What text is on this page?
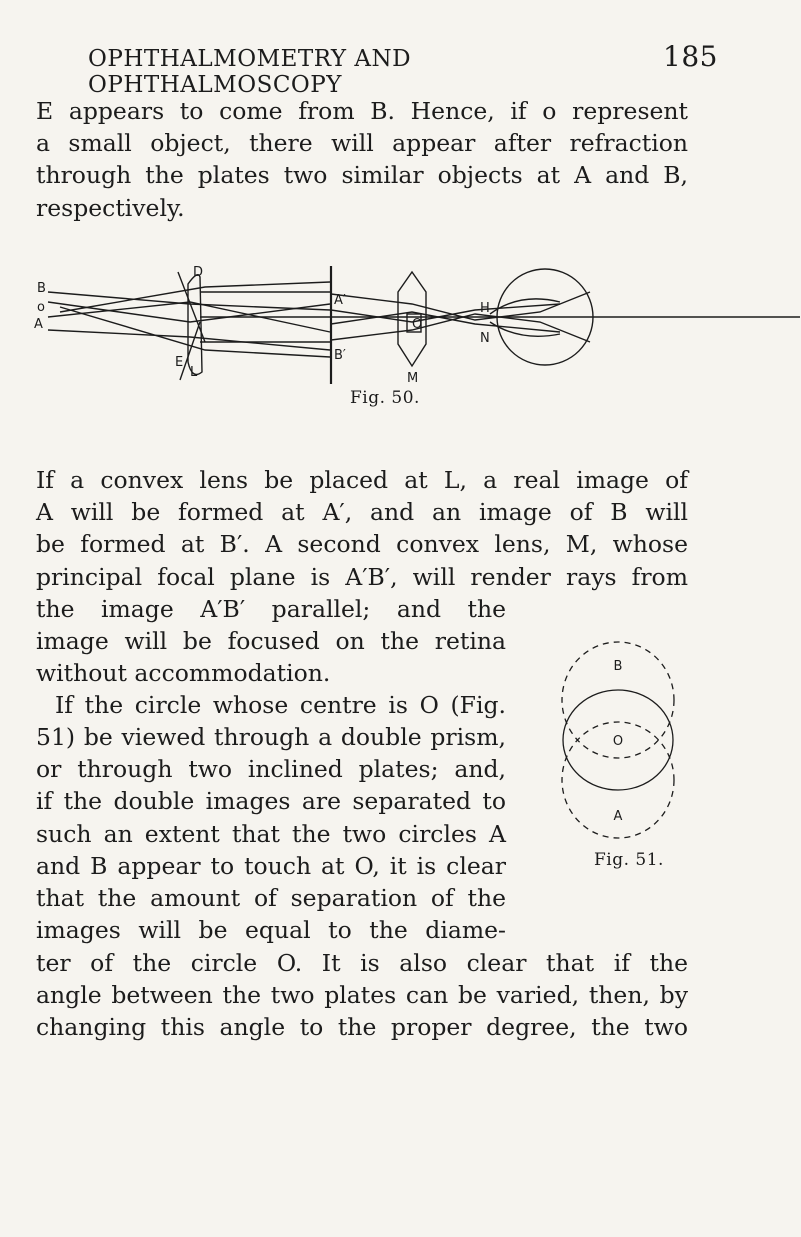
OPHTHALMOMETRY AND OPHTHALMOSCOPY
185

E appears to come from B. Hence, if o represent
a small object, there will appear after refraction
through the plates two similar objects at A and B,
respectively.

B
o
A
D
E
L
A′
B′
O
H
N
M
Fig. 50.

If a convex lens be placed at L, a real image of
A will be formed at A′, and an image of B will
be formed at B′. A second convex lens, M, whose
principal focal plane is A′B′, will render rays from

the image A′B′ parallel; and the
image will be focused on the retina
without accommodation.

If the circle whose centre is O (Fig.

51) be viewed through a double prism,
or through two inclined plates; and,
if the double images are separated to
such an extent that the two circles A
and B appear to touch at O, it is clear
that the amount of separation of the
images will be equal to the diame-

B
O
A
Fig. 51.

ter of the circle O. It is also clear that if the
angle between the two plates can be varied, then, by
changing this angle to the proper degree, the two
